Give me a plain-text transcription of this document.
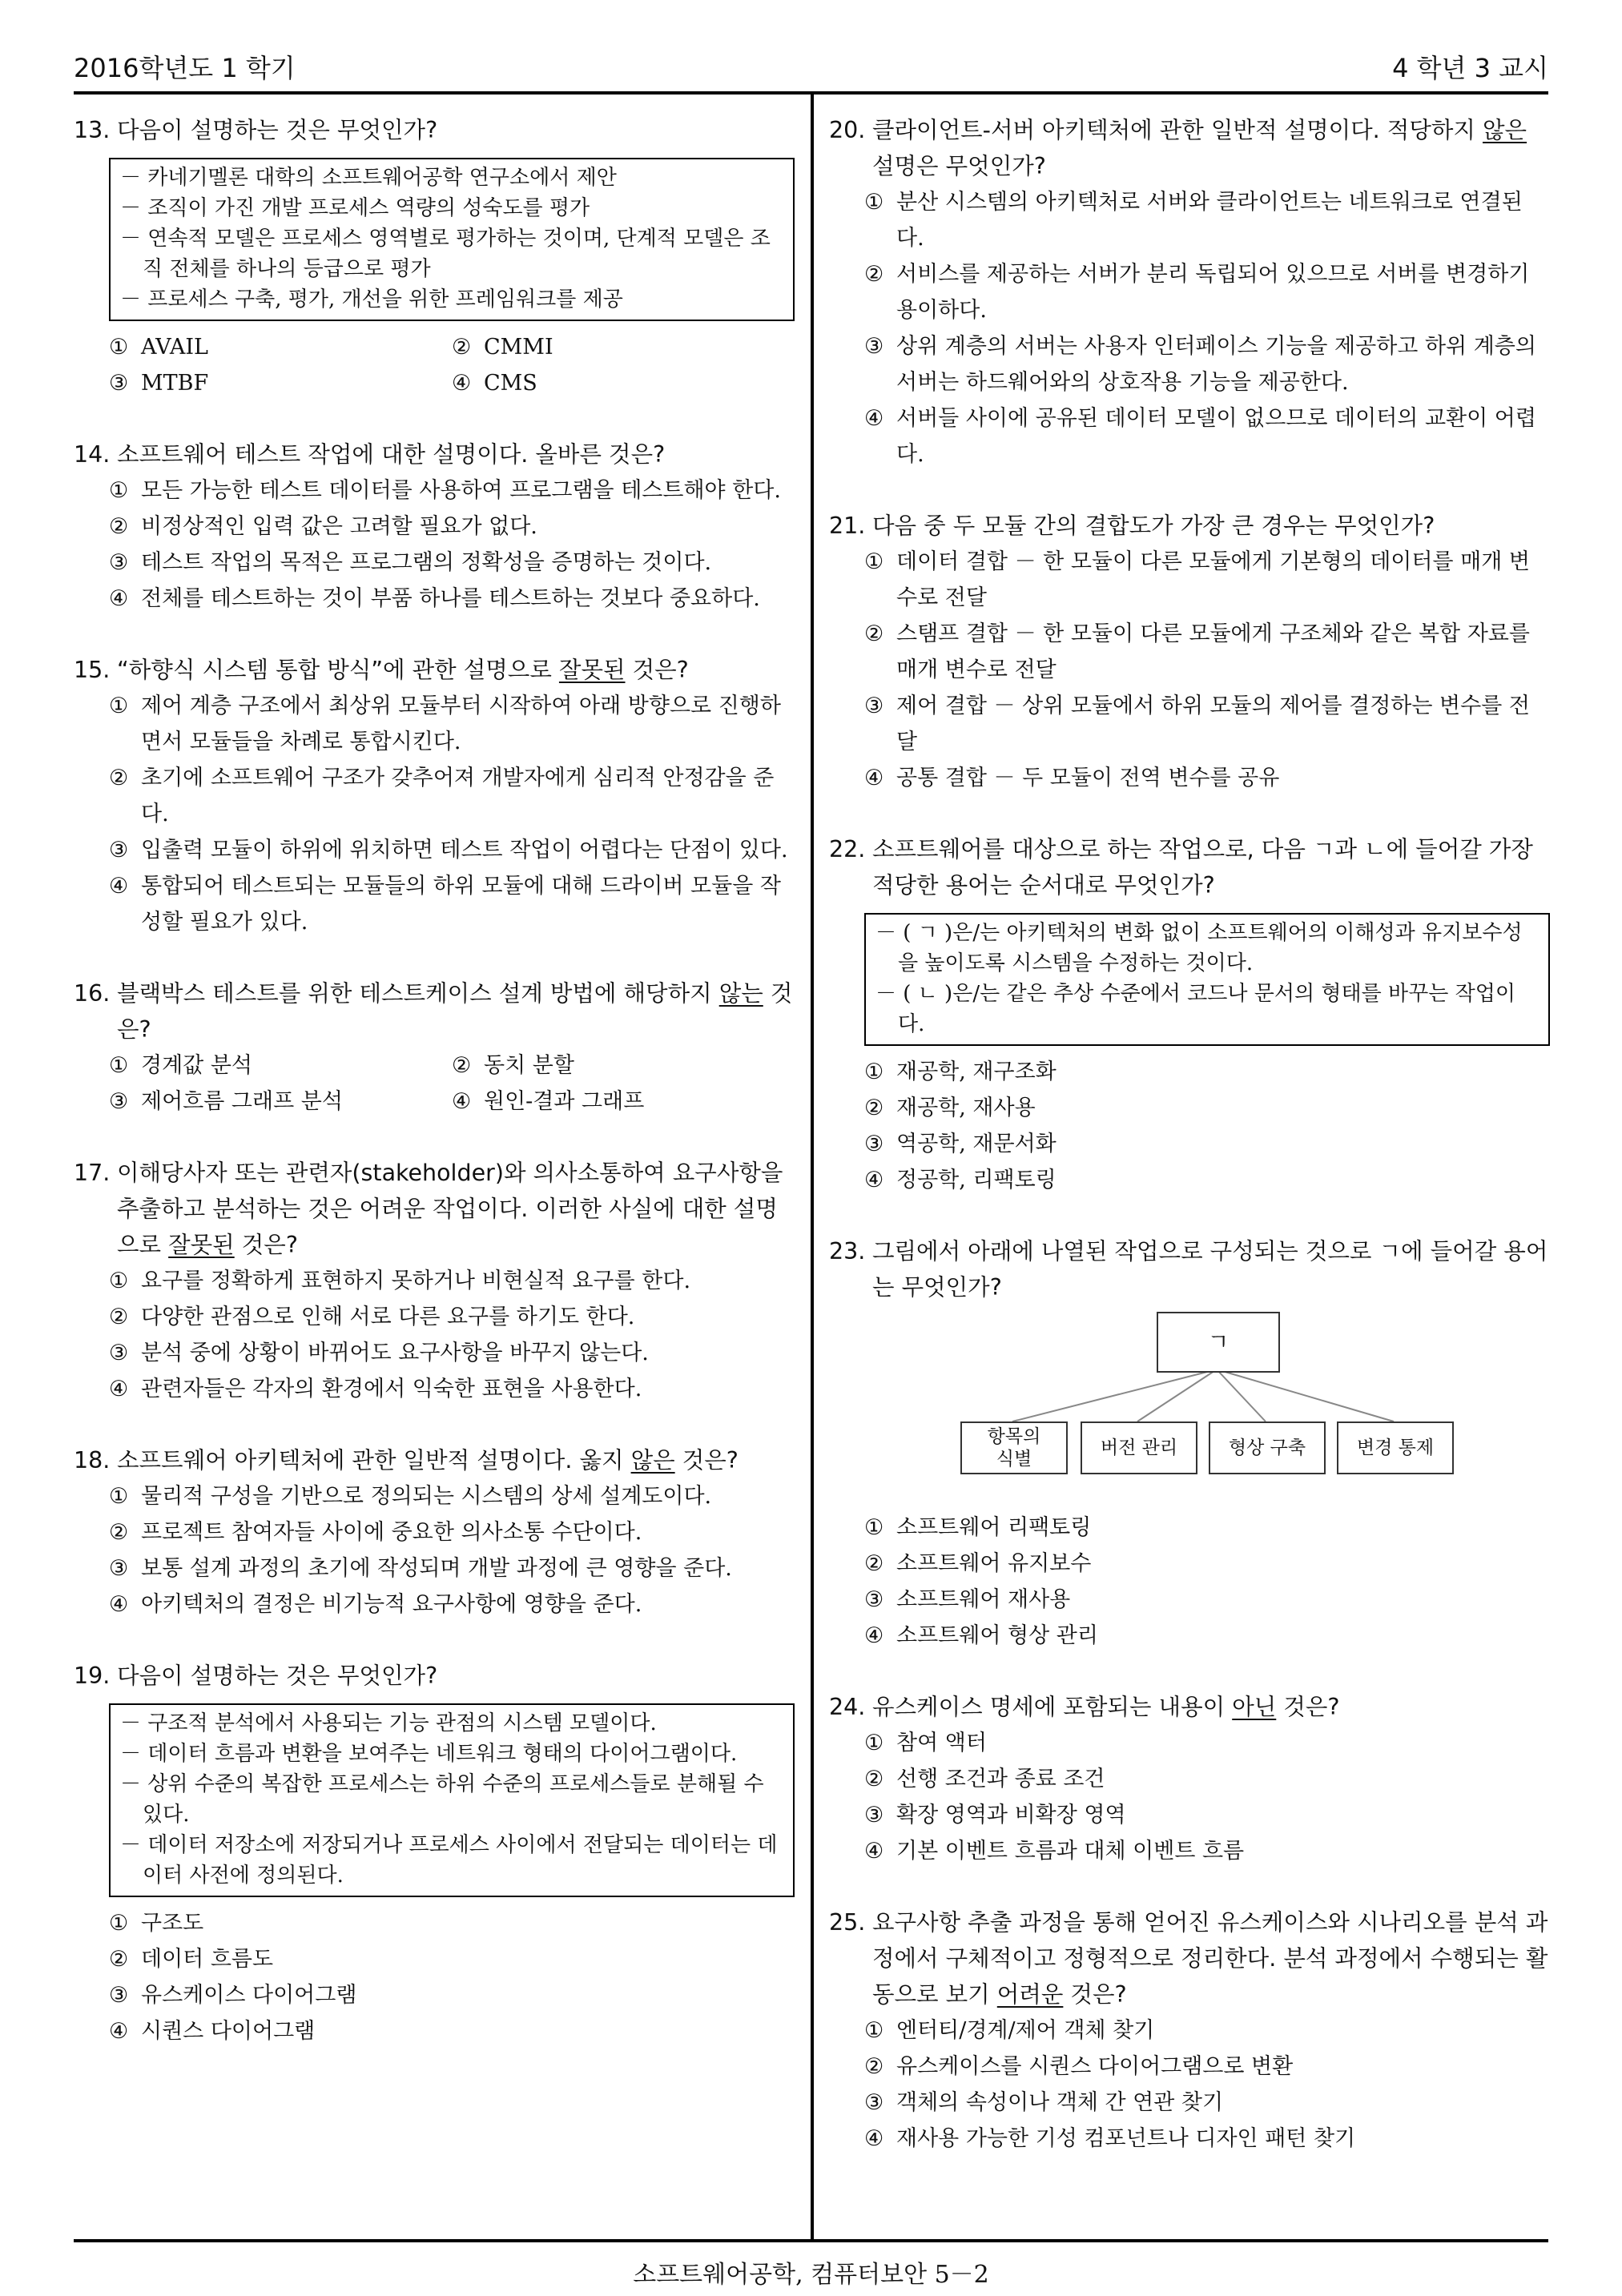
2016학년도 1 학기	4 학년 3 교시
13. 다음이 설명하는 것은 무엇인가?
－ 카네기멜론 대학의 소프트웨어공학 연구소에서 제안
－ 조직이 가진 개발 프로세스 역량의 성숙도를 평가
－ 연속적 모델은 프로세스 영역별로 평가하는 것이며, 단계적 모델은 조직 전체를 하나의 등급으로 평가
－ 프로세스 구축, 평가, 개선을 위한 프레임워크를 제공
① AVAIL	② CMMI
③ MTBF	④ CMS
14. 소프트웨어 테스트 작업에 대한 설명이다. 올바른 것은?
① 모든 가능한 테스트 데이터를 사용하여 프로그램을 테스트해야 한다.
② 비정상적인 입력 값은 고려할 필요가 없다.
③ 테스트 작업의 목적은 프로그램의 정확성을 증명하는 것이다.
④ 전체를 테스트하는 것이 부품 하나를 테스트하는 것보다 중요하다.
15. “하향식 시스템 통합 방식”에 관한 설명으로 잘못된 것은?
① 제어 계층 구조에서 최상위 모듈부터 시작하여 아래 방향으로 진행하면서 모듈들을 차례로 통합시킨다.
② 초기에 소프트웨어 구조가 갖추어져 개발자에게 심리적 안정감을 준다.
③ 입출력 모듈이 하위에 위치하면 테스트 작업이 어렵다는 단점이 있다.
④ 통합되어 테스트되는 모듈들의 하위 모듈에 대해 드라이버 모듈을 작성할 필요가 있다.
16. 블랙박스 테스트를 위한 테스트케이스 설계 방법에 해당하지 않는 것은?
① 경계값 분석	② 동치 분할
③ 제어흐름 그래프 분석	④ 원인-결과 그래프
17. 이해당사자 또는 관련자(stakeholder)와 의사소통하여 요구사항을 추출하고 분석하는 것은 어려운 작업이다. 이러한 사실에 대한 설명으로 잘못된 것은?
① 요구를 정확하게 표현하지 못하거나 비현실적 요구를 한다.
② 다양한 관점으로 인해 서로 다른 요구를 하기도 한다.
③ 분석 중에 상황이 바뀌어도 요구사항을 바꾸지 않는다.
④ 관련자들은 각자의 환경에서 익숙한 표현을 사용한다.
18. 소프트웨어 아키텍처에 관한 일반적 설명이다. 옳지 않은 것은?
① 물리적 구성을 기반으로 정의되는 시스템의 상세 설계도이다.
② 프로젝트 참여자들 사이에 중요한 의사소통 수단이다.
③ 보통 설계 과정의 초기에 작성되며 개발 과정에 큰 영향을 준다.
④ 아키텍처의 결정은 비기능적 요구사항에 영향을 준다.
19. 다음이 설명하는 것은 무엇인가?
－ 구조적 분석에서 사용되는 기능 관점의 시스템 모델이다.
－ 데이터 흐름과 변환을 보여주는 네트워크 형태의 다이어그램이다.
－ 상위 수준의 복잡한 프로세스는 하위 수준의 프로세스들로 분해될 수 있다.
－ 데이터 저장소에 저장되거나 프로세스 사이에서 전달되는 데이터는 데이터 사전에 정의된다.
① 구조도
② 데이터 흐름도
③ 유스케이스 다이어그램
④ 시퀀스 다이어그램
20. 클라이언트-서버 아키텍처에 관한 일반적 설명이다. 적당하지 않은 설명은 무엇인가?
① 분산 시스템의 아키텍처로 서버와 클라이언트는 네트워크로 연결된다.
② 서비스를 제공하는 서버가 분리 독립되어 있으므로 서버를 변경하기 용이하다.
③ 상위 계층의 서버는 사용자 인터페이스 기능을 제공하고 하위 계층의 서버는 하드웨어와의 상호작용 기능을 제공한다.
④ 서버들 사이에 공유된 데이터 모델이 없으므로 데이터의 교환이 어렵다.
21. 다음 중 두 모듈 간의 결합도가 가장 큰 경우는 무엇인가?
① 데이터 결합 － 한 모듈이 다른 모듈에게 기본형의 데이터를 매개 변수로 전달
② 스탬프 결합 － 한 모듈이 다른 모듈에게 구조체와 같은 복합 자료를 매개 변수로 전달
③ 제어 결합 － 상위 모듈에서 하위 모듈의 제어를 결정하는 변수를 전달
④ 공통 결합 － 두 모듈이 전역 변수를 공유
22. 소프트웨어를 대상으로 하는 작업으로, 다음 ㄱ과 ㄴ에 들어갈 가장 적당한 용어는 순서대로 무엇인가?
－ ( ㄱ )은/는 아키텍처의 변화 없이 소프트웨어의 이해성과 유지보수성을 높이도록 시스템을 수정하는 것이다.
－ ( ㄴ )은/는 같은 추상 수준에서 코드나 문서의 형태를 바꾸는 작업이다.
① 재공학, 재구조화
② 재공학, 재사용
③ 역공학, 재문서화
④ 정공학, 리팩토링
23. 그림에서 아래에 나열된 작업으로 구성되는 것으로 ㄱ에 들어갈 용어는 무엇인가?
ㄱ
항목의
식별
버전 관리	형상 구축	변경 통제
① 소프트웨어 리팩토링
② 소프트웨어 유지보수
③ 소프트웨어 재사용
④ 소프트웨어 형상 관리
24. 유스케이스 명세에 포함되는 내용이 아닌 것은?
① 참여 액터
② 선행 조건과 종료 조건
③ 확장 영역과 비확장 영역
④ 기본 이벤트 흐름과 대체 이벤트 흐름
25. 요구사항 추출 과정을 통해 얻어진 유스케이스와 시나리오를 분석 과정에서 구체적이고 정형적으로 정리한다. 분석 과정에서 수행되는 활동으로 보기 어려운 것은?
① 엔터티/경계/제어 객체 찾기
② 유스케이스를 시퀀스 다이어그램으로 변환
③ 객체의 속성이나 객체 간 연관 찾기
④ 재사용 가능한 기성 컴포넌트나 디자인 패턴 찾기
소프트웨어공학, 컴퓨터보안 5－2
